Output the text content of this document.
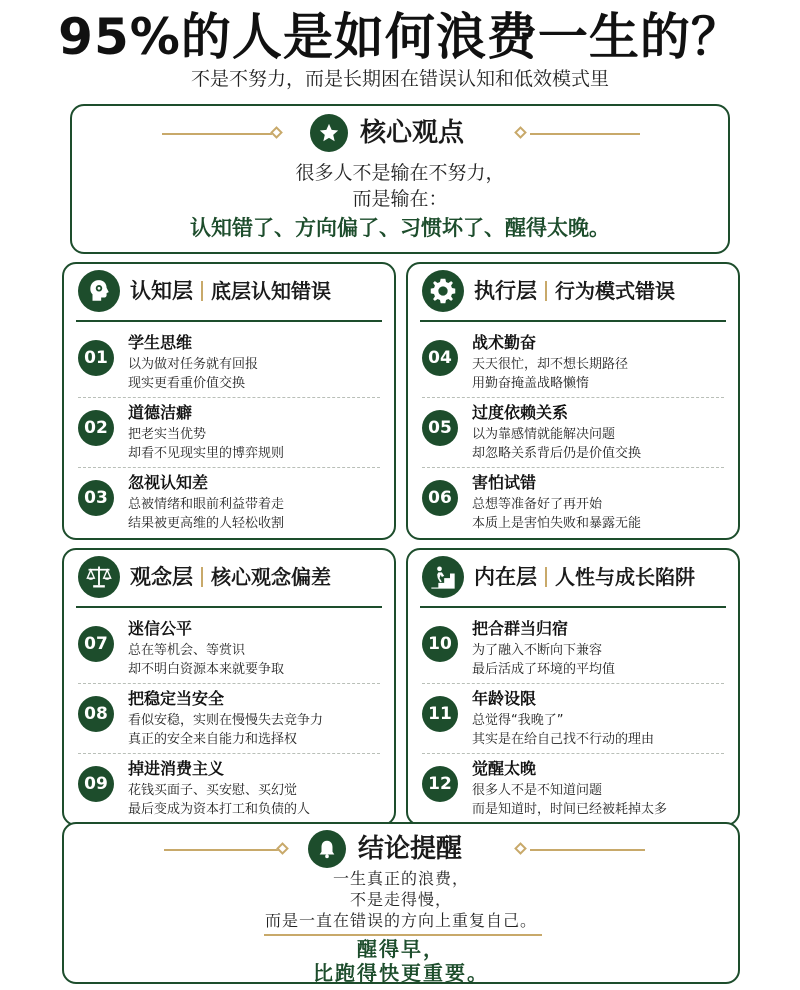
95%的人是如何浪费一生的？
不是不努力，而是长期困在错误认知和低效模式里
核心观点
很多人不是输在不努力，
而是输在：
认知错了、方向偏了、习惯坏了、醒得太晚。
认知层 底层认知错误
01
学生思维
以为做对任务就有回报
现实更看重价值交换
02
道德洁癖
把老实当优势
却看不见现实里的博弈规则
03
忽视认知差
总被情绪和眼前利益带着走
结果被更高维的人轻松收割
执行层 行为模式错误
04
战术勤奋
天天很忙，却不想长期路径
用勤奋掩盖战略懒惰
05
过度依赖关系
以为靠感情就能解决问题
却忽略关系背后仍是价值交换
06
害怕试错
总想等准备好了再开始
本质上是害怕失败和暴露无能
观念层 核心观念偏差
07
迷信公平
总在等机会、等赏识
却不明白资源本来就要争取
08
把稳定当安全
看似安稳，实则在慢慢失去竞争力
真正的安全来自能力和选择权
09
掉进消费主义
花钱买面子、买安慰、买幻觉
最后变成为资本打工和负债的人
内在层 人性与成长陷阱
10
把合群当归宿
为了融入不断向下兼容
最后活成了环境的平均值
11
年龄设限
总觉得“我晚了”
其实是在给自己找不行动的理由
12
觉醒太晚
很多人不是不知道问题
而是知道时，时间已经被耗掉太多
结论提醒
一生真正的浪费，
不是走得慢，
而是一直在错误的方向上重复自己。
醒得早，
比跑得快更重要。
